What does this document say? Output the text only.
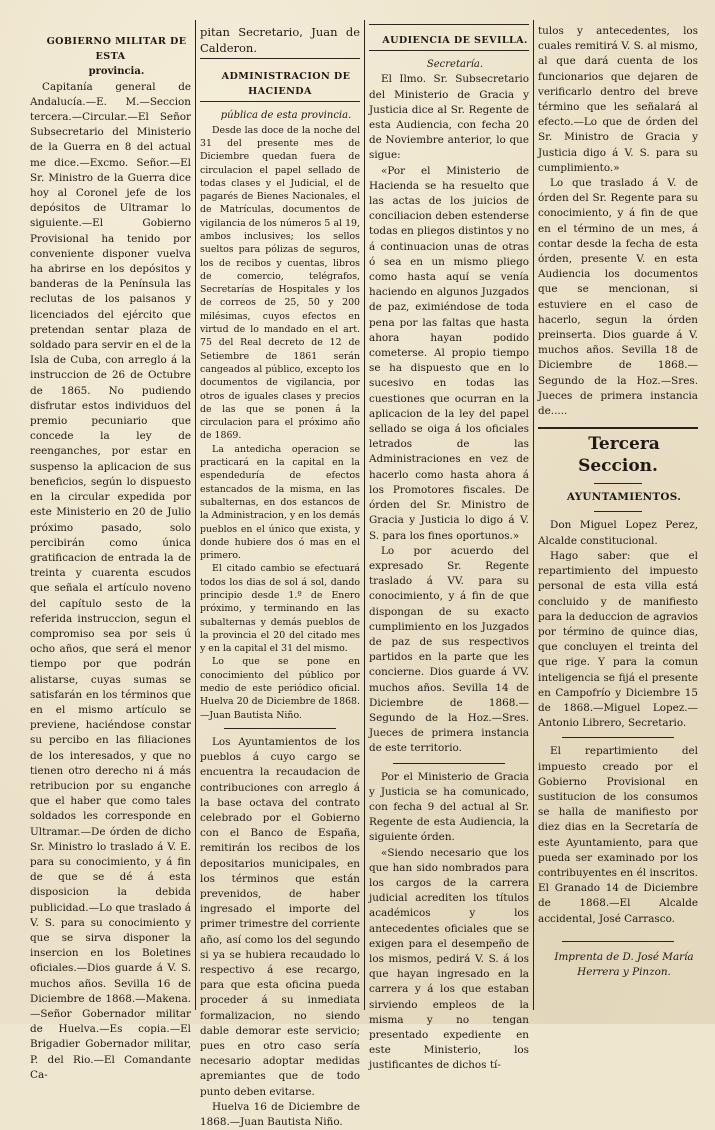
GOBIERNO MILITAR DE ESTA

provincia.

Capitanía general de Andalucía.—E. M.—Seccion tercera.—Circular.—El Señor Subsecretario del Ministerio de la Guerra en 8 del actual me dice.—Excmo. Señor.—El Sr. Ministro de la Guerra dice hoy al Coronel jefe de los depósitos de Ultramar lo siguiente.—El Gobierno Provisional ha tenido por conveniente disponer vuelva ha abrirse en los depósitos y banderas de la Península las reclutas de los paisanos y licenciados del ejército que pretendan sentar plaza de soldado para servir en el de la Isla de Cuba, con arreglo á la instruccion de 26 de Octubre de 1865. No pudiendo disfrutar estos individuos del premio pecuniario que concede la ley de reenganches, por estar en suspenso la aplicacion de sus beneficios, según lo dispuesto en la circular expedida por este Ministerio en 20 de Julio próximo pasado, solo percibirán como única gratificacion de entrada la de treinta y cuarenta escudos que señala el artículo noveno del capítulo sesto de la referida instruccion, segun el compromiso sea por seis ú ocho años, que será el menor tiempo por que podrán alistarse, cuyas sumas se satisfarán en los términos que en el mismo artículo se previene, haciéndose constar su percibo en las filiaciones de los interesados, y que no tienen otro derecho ni á más retribucion por su enganche que el haber que como tales soldados les corresponde en Ultramar.—De órden de dicho Sr. Ministro lo traslado á V. E. para su conocimiento, y á fin de que se dé á esta disposicion la debida publicidad.—Lo que traslado á V. S. para su conocimiento y que se sirva disponer la insercion en los Boletines oficiales.—Dios guarde á V. S. muchos años. Sevilla 16 de Diciembre de 1868.—Makena.—Señor Gobernador militar de Huelva.—Es copia.—El Brigadier Gobernador militar, P. del Rio.—El Comandante Ca-

pitan Secretario, Juan de Calderon.

ADMINISTRACION DE HACIENDA

pública de esta provincia.

Desde las doce de la noche del 31 del presente mes de Diciembre quedan fuera de circulacion el papel sellado de todas clases y el Judicial, el de pagarés de Bienes Nacionales, el de Matrículas, documentos de vigilancia de los números 5 al 19, ambos inclusives; los sellos sueltos para pólizas de seguros, los de recibos y cuentas, libros de comercio, telégrafos, Secretarías de Hospitales y los de correos de 25, 50 y 200 milésimas, cuyos efectos en virtud de lo mandado en el art. 75 del Real decreto de 12 de Setiembre de 1861 serán cangeados al público, excepto los documentos de vigilancia, por otros de iguales clases y precios de las que se ponen á la circulacion para el próximo año de 1869.

La antedicha operacion se practicará en la capital en la espendeduría de efectos estancados de la misma, en las subalternas, en dos estancos de la Administracion, y en los demás pueblos en el único que exista, y donde hubiere dos ó mas en el primero.

El citado cambio se efectuará todos los dias de sol á sol, dando principio desde 1.º de Enero próximo, y terminando en las subalternas y demás pueblos de la provincia el 20 del citado mes y en la capital el 31 del mismo.

Lo que se pone en conocimiento del público por medio de este periódico oficial. Huelva 20 de Diciembre de 1868.—Juan Bautista Niño.

Los Ayuntamientos de los pueblos á cuyo cargo se encuentra la recaudacion de contribuciones con arreglo á la base octava del contrato celebrado por el Gobierno con el Banco de España, remitirán los recibos de los depositarios municipales, en los términos que están prevenidos, de haber ingresado el importe del primer trimestre del corriente año, así como los del segundo si ya se hubiera recaudado lo respectivo á ese recargo, para que esta oficina pueda proceder á su inmediata formalizacion, no siendo dable demorar este servicio; pues en otro caso sería necesario adoptar medidas apremiantes que de todo punto deben evitarse.

Huelva 16 de Diciembre de 1868.—Juan Bautista Niño.

AUDIENCIA DE SEVILLA.

Secretaría.

El Ilmo. Sr. Subsecretario del Ministerio de Gracia y Justicia dice al Sr. Regente de esta Audiencia, con fecha 20 de Noviembre anterior, lo que sigue:

«Por el Ministerio de Hacienda se ha resuelto que las actas de los juicios de conciliacion deben estenderse todas en pliegos distintos y no á continuacion unas de otras ó sea en un mismo pliego como hasta aquí se venía haciendo en algunos Juzgados de paz, eximiéndose de toda pena por las faltas que hasta ahora hayan podido cometerse. Al propio tiempo se ha dispuesto que en lo sucesivo en todas las cuestiones que ocurran en la aplicacion de la ley del papel sellado se oiga á los oficiales letrados de las Administraciones en vez de hacerlo como hasta ahora á los Promotores fiscales. De órden del Sr. Ministro de Gracia y Justicia lo digo á V. S. para los fines oportunos.»

Lo por acuerdo del expresado Sr. Regente traslado á VV. para su conocimiento, y á fin de que dispongan de su exacto cumplimiento en los Juzgados de paz de sus respectivos partidos en la parte que les concierne. Dios guarde á VV. muchos años. Sevilla 14 de Diciembre de 1868.—Segundo de la Hoz.—Sres. Jueces de primera instancia de este territorio.

Por el Ministerio de Gracia y Justicia se ha comunicado, con fecha 9 del actual al Sr. Regente de esta Audiencia, la siguiente órden.

«Siendo necesario que los que han sido nombrados para los cargos de la carrera judicial acrediten los títulos académicos y los antecedentes oficiales que se exigen para el desempeño de los mismos, pedirá V. S. á los que hayan ingresado en la carrera y á los que estaban sirviendo empleos de la misma y no tengan presentado expediente en este Ministerio, los justificantes de dichos tí-

tulos y antecedentes, los cuales remitirá V. S. al mismo, al que dará cuenta de los funcionarios que dejaren de verificarlo dentro del breve término que les señalará al efecto.—Lo que de órden del Sr. Ministro de Gracia y Justicia digo á V. S. para su cumplimiento.»

Lo que traslado á V. de órden del Sr. Regente para su conocimiento, y á fin de que en el término de un mes, á contar desde la fecha de esta órden, presente V. en esta Audiencia los documentos que se mencionan, si estuviere en el caso de hacerlo, segun la órden preinserta. Dios guarde á V. muchos años. Sevilla 18 de Diciembre de 1868.—Segundo de la Hoz.—Sres. Jueces de primera instancia de.....

Tercera Seccion.

AYUNTAMIENTOS.

Don Miguel Lopez Perez, Alcalde constitucional.

Hago saber: que el repartimiento del impuesto personal de esta villa está concluido y de manifiesto para la deduccion de agravios por término de quince dias, que concluyen el treinta del que rige. Y para la comun inteligencia se fijá el presente en Campofrío y Diciembre 15 de 1868.—Miguel Lopez.—Antonio Librero, Secretario.

El repartimiento del impuesto creado por el Gobierno Provisional en sustitucion de los consumos se halla de manifiesto por diez dias en la Secretaría de este Ayuntamiento, para que pueda ser examinado por los contribuyentes en él inscritos. El Granado 14 de Diciembre de 1868.—El Alcalde accidental, José Carrasco.

Imprenta de D. José María

Herrera y Pinzon.
